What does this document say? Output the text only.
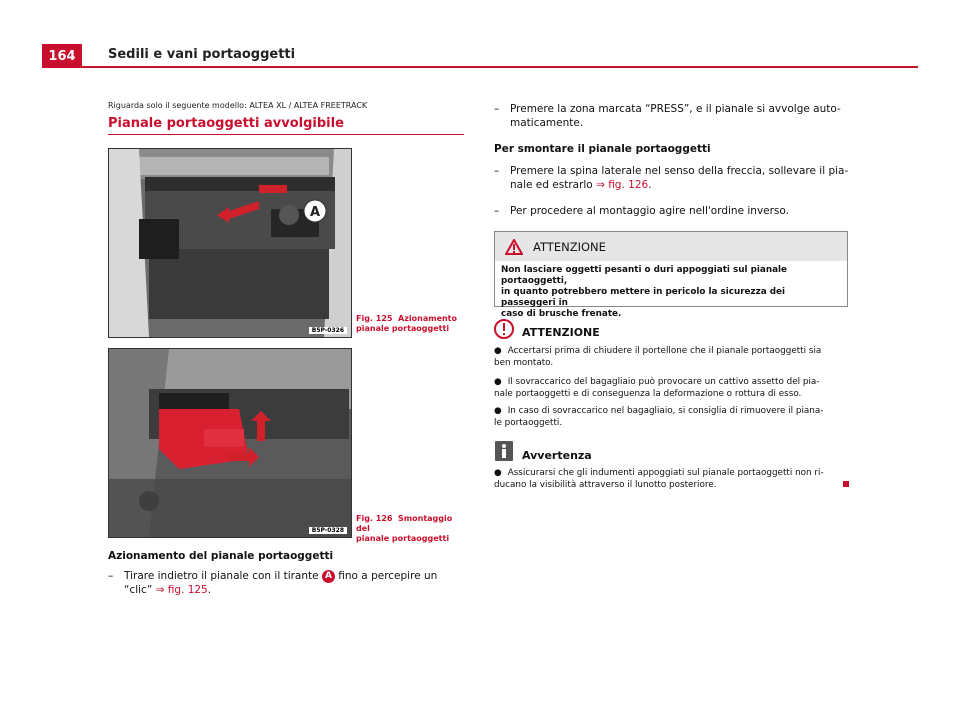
164	Sedili e vani portaoggetti
Riguarda solo il seguente modello: ALTEA XL / ALTEA FREETRACK
Pianale portaoggetti avvolgibile
A
B5P-0326
Fig. 125 Azionamento
pianale portaoggetti
B5P-0328
Fig. 126 Smontaggio del
pianale portaoggetti
Azionamento del pianale portaoggetti
– Tirare indietro il pianale con il tirante A fino a percepire un
“clic” ⇒ fig. 125.
– Premere la zona marcata “PRESS”, e il pianale si avvolge auto-
maticamente.
Per smontare il pianale portaoggetti
– Premere la spina laterale nel senso della freccia, sollevare il pia-
nale ed estrarlo ⇒ fig. 126.
– Per procedere al montaggio agire nell'ordine inverso.
ATTENZIONE
Non lasciare oggetti pesanti o duri appoggiati sul pianale portaoggetti,
in quanto potrebbero mettere in pericolo la sicurezza dei passeggeri in
caso di brusche frenate.
ATTENZIONE
● Accertarsi prima di chiudere il portellone che il pianale portaoggetti sia
ben montato.
● Il sovraccarico del bagagliaio può provocare un cattivo assetto del pia-
nale portaoggetti e di conseguenza la deformazione o rottura di esso.
● In caso di sovraccarico nel bagagliaio, si consiglia di rimuovere il piana-
le portaoggetti.
Avvertenza
● Assicurarsi che gli indumenti appoggiati sul pianale portaoggetti non ri-
ducano la visibilità attraverso il lunotto posteriore.
